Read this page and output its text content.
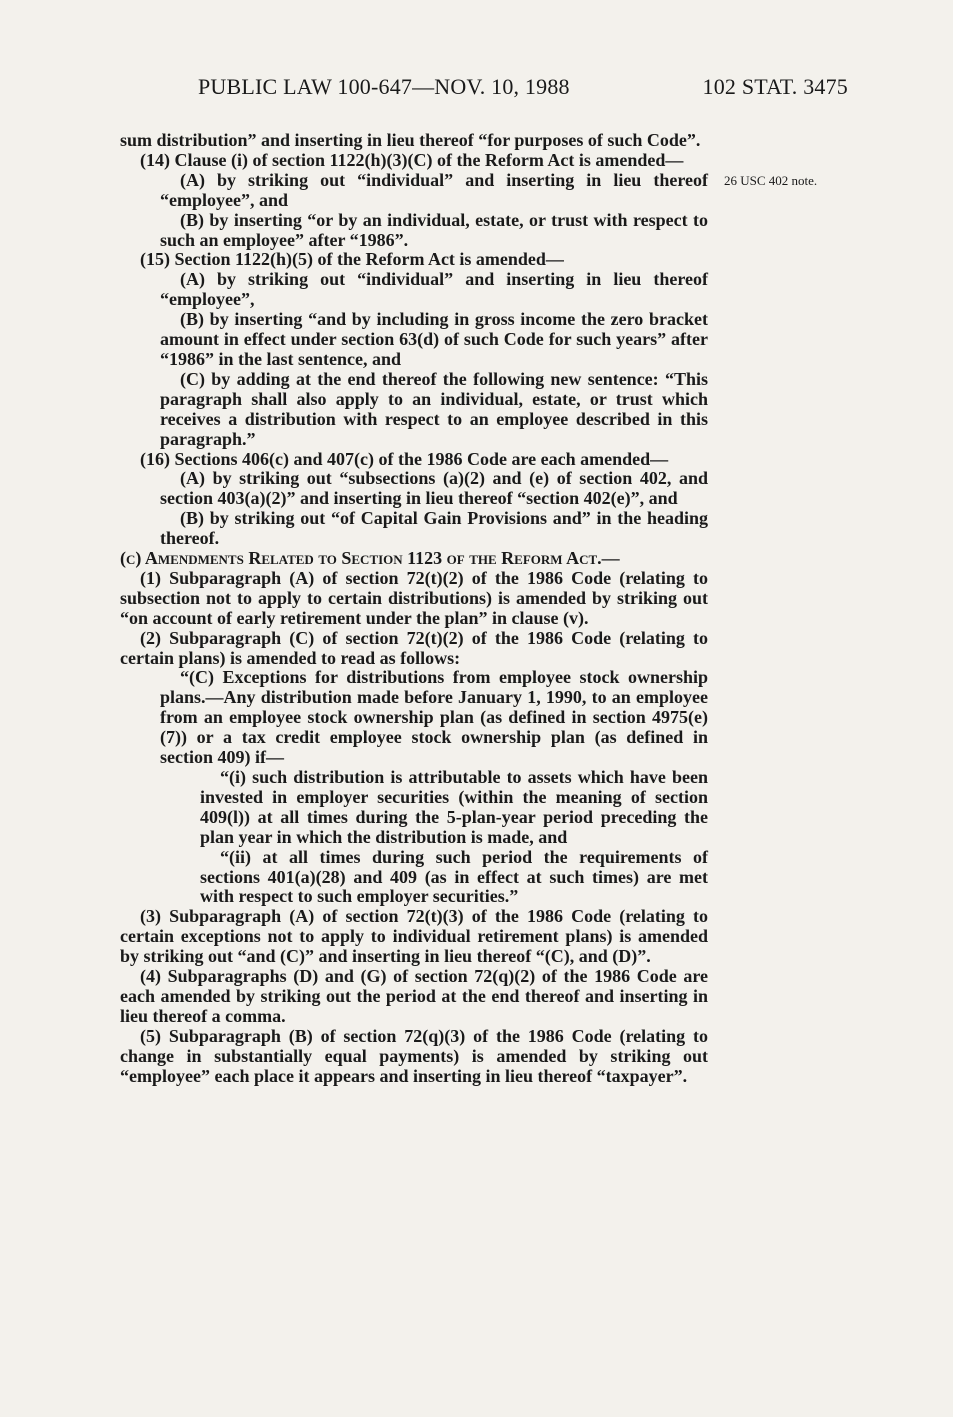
PUBLIC LAW 100-647—NOV. 10, 1988	102 STAT. 3475
26 USC 402 note.

sum distribution” and inserting in lieu thereof “for purposes of such Code”.

(14) Clause (i) of section 1122(h)(3)(C) of the Reform Act is amended—

(A) by striking out “individual” and inserting in lieu thereof “employee”, and

(B) by inserting “or by an individual, estate, or trust with respect to such an employee” after “1986”.

(15) Section 1122(h)(5) of the Reform Act is amended—

(A) by striking out “individual” and inserting in lieu thereof “employee”,

(B) by inserting “and by including in gross income the zero bracket amount in effect under section 63(d) of such Code for such years” after “1986” in the last sentence, and

(C) by adding at the end thereof the following new sentence: “This paragraph shall also apply to an individual, estate, or trust which receives a distribution with respect to an employee described in this paragraph.”

(16) Sections 406(c) and 407(c) of the 1986 Code are each amended—

(A) by striking out “subsections (a)(2) and (e) of section 402, and section 403(a)(2)” and inserting in lieu thereof “section 402(e)”, and

(B) by striking out “of Capital Gain Provisions and” in the heading thereof.

(c) Amendments Related to Section 1123 of the Reform Act.—

(1) Subparagraph (A) of section 72(t)(2) of the 1986 Code (relating to subsection not to apply to certain distributions) is amended by striking out “on account of early retirement under the plan” in clause (v).

(2) Subparagraph (C) of section 72(t)(2) of the 1986 Code (relating to certain plans) is amended to read as follows:

“(C) Exceptions for distributions from employee stock ownership plans.—Any distribution made before January 1, 1990, to an employee from an employee stock ownership plan (as defined in section 4975(e)(7)) or a tax credit employee stock ownership plan (as defined in section 409) if—

“(i) such distribution is attributable to assets which have been invested in employer securities (within the meaning of section 409(l)) at all times during the 5-plan-year period preceding the plan year in which the distribution is made, and

“(ii) at all times during such period the requirements of sections 401(a)(28) and 409 (as in effect at such times) are met with respect to such employer securities.”

(3) Subparagraph (A) of section 72(t)(3) of the 1986 Code (relating to certain exceptions not to apply to individual retirement plans) is amended by striking out “and (C)” and inserting in lieu thereof “(C), and (D)”.

(4) Subparagraphs (D) and (G) of section 72(q)(2) of the 1986 Code are each amended by striking out the period at the end thereof and inserting in lieu thereof a comma.

(5) Subparagraph (B) of section 72(q)(3) of the 1986 Code (relating to change in substantially equal payments) is amended by striking out “employee” each place it appears and inserting in lieu thereof “taxpayer”.
